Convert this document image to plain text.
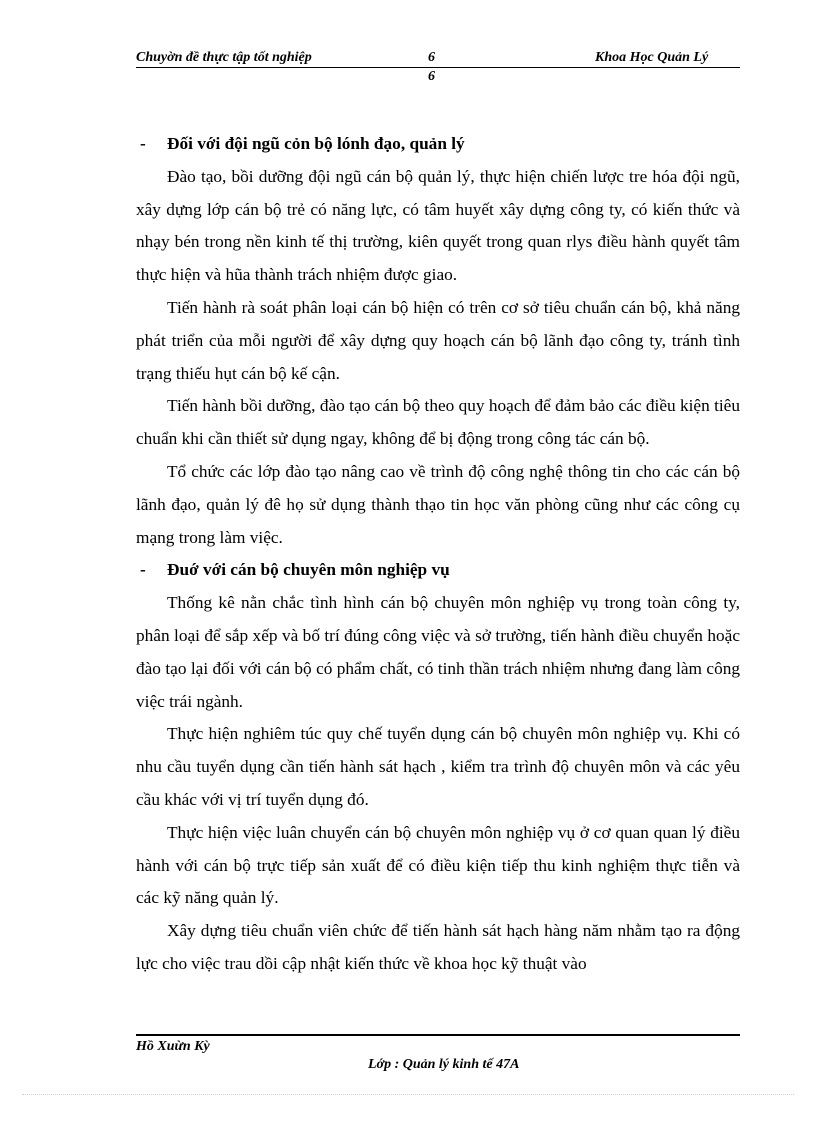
Chuyờn đề thực tập tốt nghiệp	6	Khoa Học Quản Lý
6
- Đối với đội ngũ cỏn bộ lónh đạo, quản lý

Đào tạo, bồi dưỡng đội ngũ cán bộ quản lý, thực hiện chiến lược tre hóa đội ngũ, xây dựng lớp cán bộ trẻ có năng lực, có tâm huyết xây dựng công ty, có kiến thức và nhạy bén trong nền kinh tế thị trường, kiên quyết trong quan rlys điều hành quyết tâm thực hiện và hũa thành trách nhiệm được giao.

Tiến hành rà soát phân loại cán bộ hiện có trên cơ sở tiêu chuẩn cán bộ, khả năng phát triển của mỗi người để xây dựng quy hoạch cán bộ lãnh đạo công ty, tránh tình trạng thiếu hụt cán bộ kế cận.

Tiến hành bồi dưỡng, đào tạo cán bộ theo quy hoạch để đảm bảo các điều kiện tiêu chuẩn khi cần thiết sử dụng ngay, không để bị động trong công tác cán bộ.

Tổ chức các lớp đào tạo nâng cao về trình độ công nghệ thông tin cho các cán bộ lãnh đạo, quản lý đê họ sử dụng thành thạo tin học văn phòng cũng như các công cụ mạng trong làm việc.

- Đuớ với cán bộ chuyên môn nghiệp vụ

Thống kê nằn chắc tình hình cán bộ chuyên môn nghiệp vụ trong toàn công ty, phân loại để sắp xếp và bố trí đúng công việc và sở trường, tiến hành điều chuyển hoặc đào tạo lại đối với cán bộ có phẩm chất, có tinh thần trách nhiệm nhưng đang làm công việc trái ngành.

Thực hiện nghiêm túc quy chế tuyển dụng cán bộ chuyên môn nghiệp vụ. Khi có nhu cầu tuyển dụng cần tiến hành sát hạch , kiểm tra trình độ chuyên môn và các yêu cầu khác với vị trí tuyển dụng đó.

Thực hiện việc luân chuyển cán bộ chuyên môn nghiệp vụ ở cơ quan quan lý điều hành với cán bộ trực tiếp sản xuất để có điều kiện tiếp thu kinh nghiệm thực tiễn và các kỹ năng quản lý.

Xây dựng tiêu chuẩn viên chức để tiến hành sát hạch hàng năm nhằm tạo ra động lực cho việc trau dồi cập nhật kiến thức về khoa học kỹ thuật vào

Hồ Xuừn Kỳ
Lớp : Quản lý kinh tế 47A
